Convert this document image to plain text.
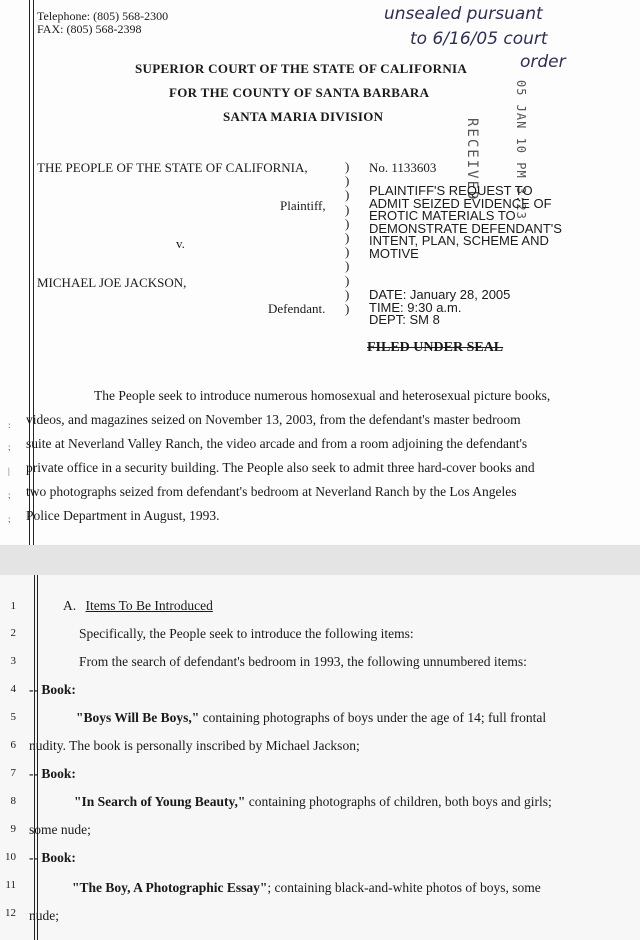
Telephone: (805) 568-2300
FAX: (805) 568-2398
unsealed pursuant
to 6/16/05 court
order
SUPERIOR COURT OF THE STATE OF CALIFORNIA
FOR THE COUNTY OF SANTA BARBARA
SANTA MARIA DIVISION
RECEIVED	05 JAN 10 PM 3:23
THE PEOPLE OF THE STATE OF CALIFORNIA,
Plaintiff,
v.
MICHAEL JOE JACKSON,
Defendant.
)
)
)
)
)
)
)
)
)
)
)
No. 1133603
PLAINTIFF'S REQUEST TO
ADMIT SEIZED EVIDENCE OF
EROTIC MATERIALS TO
DEMONSTRATE DEFENDANT'S
INTENT, PLAN, SCHEME AND
MOTIVE
DATE: January 28, 2005
TIME: 9:30 a.m.
DEPT: SM 8
FILED UNDER SEAL
The People seek to introduce numerous homosexual and heterosexual picture books,
videos, and magazines seized on November 13, 2003, from the defendant's master bedroom
suite at Neverland Valley Ranch, the video arcade and from a room adjoining the defendant's
private office in a security building. The People also seek to admit three hard-cover books and
two photographs seized from defendant's bedroom at Neverland Ranch by the Los Angeles
Police Department in August, 1993.
:
;
|
;
;
1
2
3
4
5
6
7
8
9
10
11
12
A. Items To Be Introduced
Specifically, the People seek to introduce the following items:
From the search of defendant's bedroom in 1993, the following unnumbered items:
-- Book:
"Boys Will Be Boys," containing photographs of boys under the age of 14; full frontal
nudity. The book is personally inscribed by Michael Jackson;
-- Book:
"In Search of Young Beauty," containing photographs of children, both boys and girls;
some nude;
-- Book:
"The Boy, A Photographic Essay"; containing black-and-white photos of boys, some
nude;
